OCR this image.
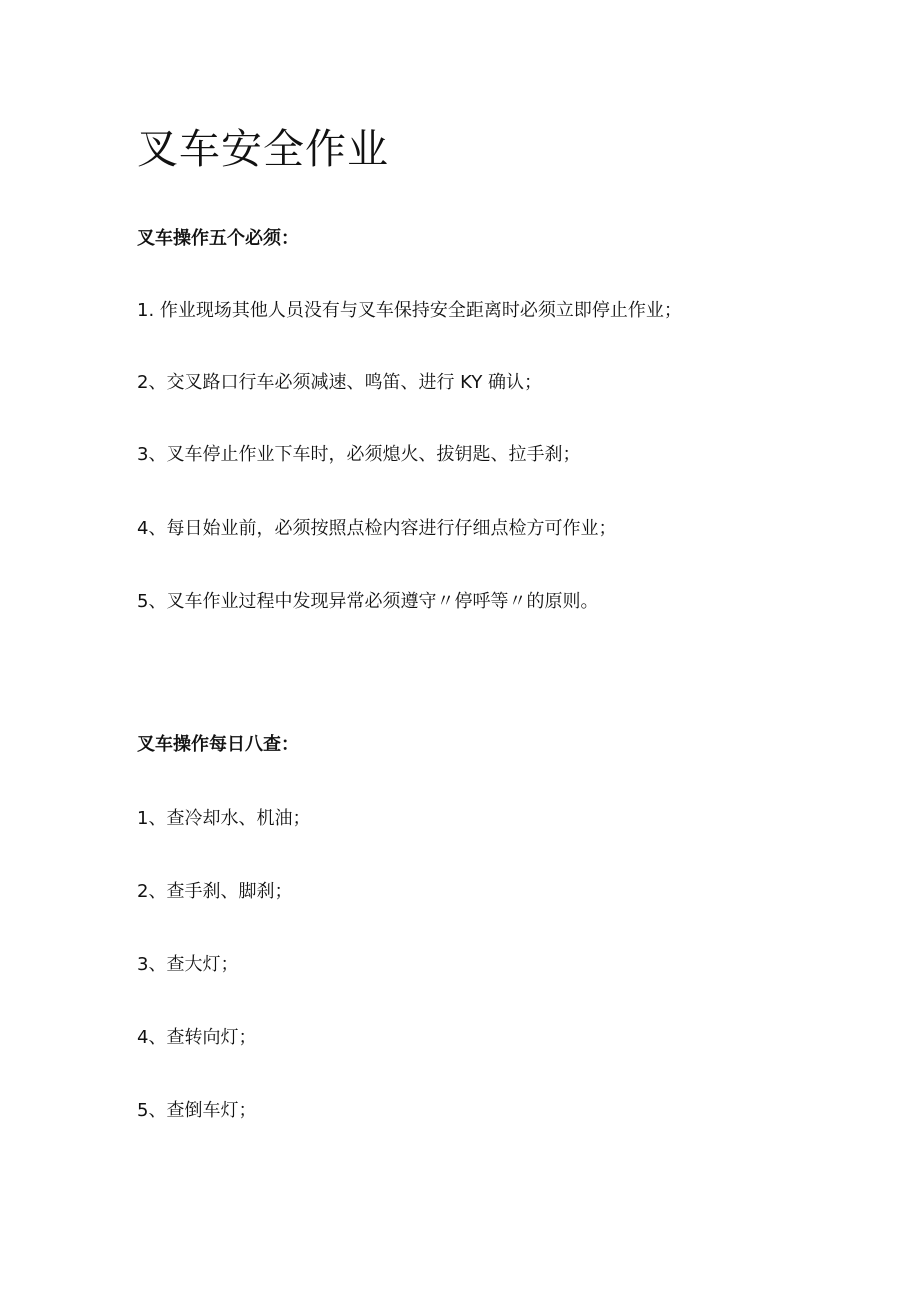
叉车安全作业
叉车操作五个必须：
1. 作业现场其他人员没有与叉车保持安全距离时必须立即停止作业；
2、交叉路口行车必须减速、鸣笛、进行 KY 确认；
3、叉车停止作业下车时，必须熄火、拔钥匙、拉手刹；
4、每日始业前，必须按照点检内容进行仔细点检方可作业；
5、叉车作业过程中发现异常必须遵守〃停呼等〃的原则。
叉车操作每日八查：
1、查冷却水、机油；
2、查手刹、脚刹；
3、查大灯；
4、查转向灯；
5、查倒车灯；
